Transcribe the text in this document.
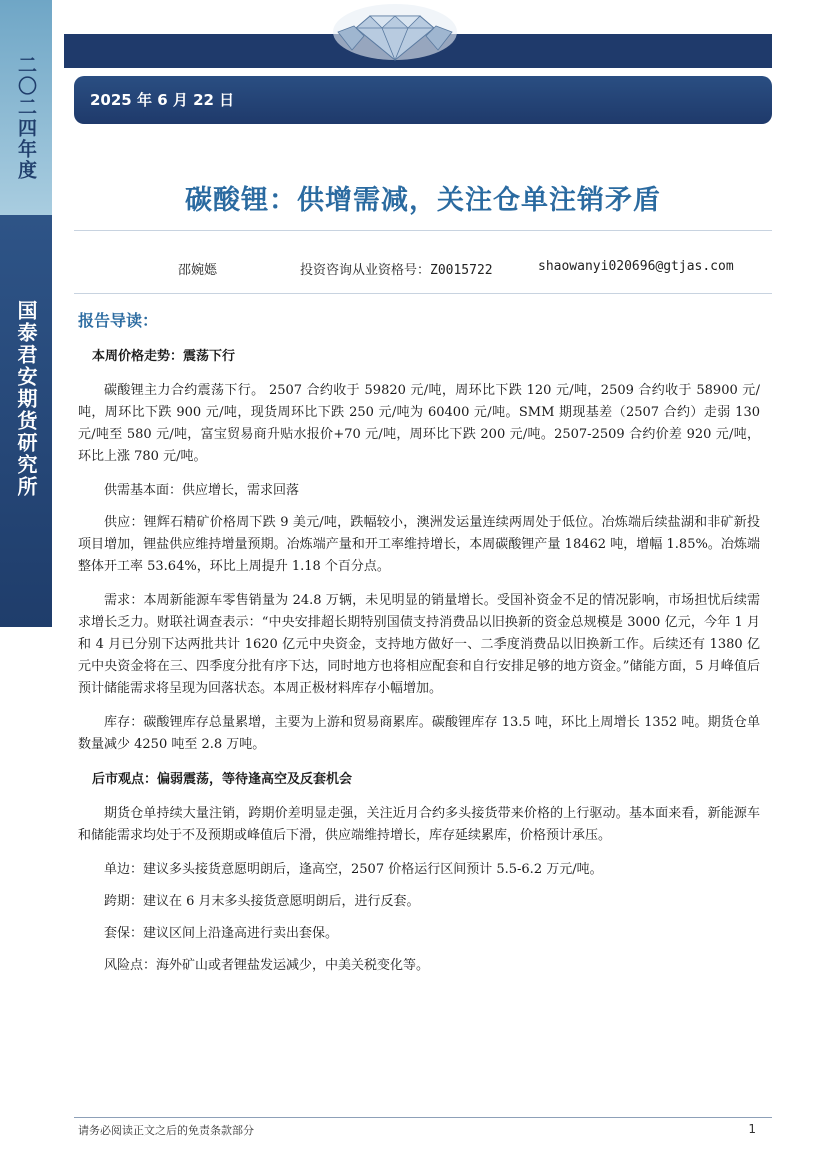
二〇二四年度
国泰君安期货研究所
2025 年 6 月 22 日
碳酸锂：供增需减，关注仓单注销矛盾
邵婉嫕	投资咨询从业资格号：Z0015722	shaowanyi020696@gtjas.com
报告导读：
本周价格走势：震荡下行

碳酸锂主力合约震荡下行。 2507 合约收于 59820 元/吨，周环比下跌 120 元/吨，2509 合约收于 58900 元/吨，周环比下跌 900 元/吨，现货周环比下跌 250 元/吨为 60400 元/吨。SMM 期现基差（2507 合约）走弱 130 元/吨至 580 元/吨，富宝贸易商升贴水报价+70 元/吨，周环比下跌 200 元/吨。2507-2509 合约价差 920 元/吨，环比上涨 780 元/吨。

供需基本面：供应增长，需求回落

供应：锂辉石精矿价格周下跌 9 美元/吨，跌幅较小，澳洲发运量连续两周处于低位。冶炼端后续盐湖和非矿新投项目增加，锂盐供应维持增量预期。冶炼端产量和开工率维持增长，本周碳酸锂产量 18462 吨，增幅 1.85%。冶炼端整体开工率 53.64%，环比上周提升 1.18 个百分点。

需求：本周新能源车零售销量为 24.8 万辆，未见明显的销量增长。受国补资金不足的情况影响，市场担忧后续需求增长乏力。财联社调查表示：“中央安排超长期特别国债支持消费品以旧换新的资金总规模是 3000 亿元，今年 1 月和 4 月已分别下达两批共计 1620 亿元中央资金，支持地方做好一、二季度消费品以旧换新工作。后续还有 1380 亿元中央资金将在三、四季度分批有序下达，同时地方也将相应配套和自行安排足够的地方资金。”储能方面，5 月峰值后预计储能需求将呈现为回落状态。本周正极材料库存小幅增加。

库存：碳酸锂库存总量累增，主要为上游和贸易商累库。碳酸锂库存 13.5 吨，环比上周增长 1352 吨。期货仓单数量减少 4250 吨至 2.8 万吨。

后市观点：偏弱震荡，等待逢高空及反套机会

期货仓单持续大量注销，跨期价差明显走强，关注近月合约多头接货带来价格的上行驱动。基本面来看，新能源车和储能需求均处于不及预期或峰值后下滑，供应端维持增长，库存延续累库，价格预计承压。

单边：建议多头接货意愿明朗后，逢高空，2507 价格运行区间预计 5.5-6.2 万元/吨。

跨期：建议在 6 月末多头接货意愿明朗后，进行反套。

套保：建议区间上沿逢高进行卖出套保。

风险点：海外矿山或者锂盐发运减少，中美关税变化等。

请务必阅读正文之后的免责条款部分	1
